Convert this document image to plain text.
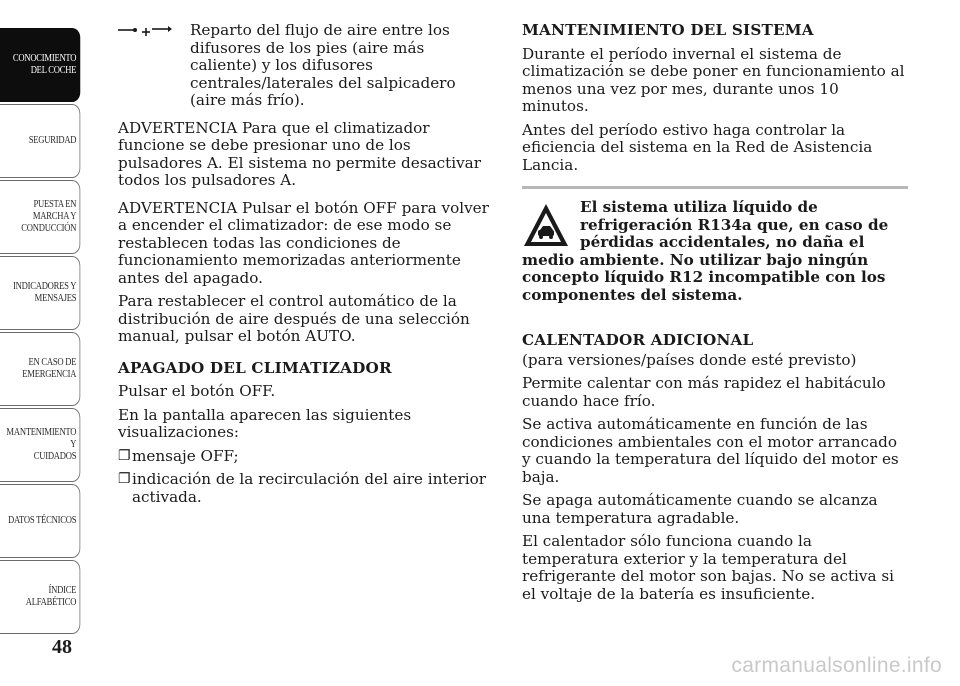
CONOCIMIENTO
DEL COCHE
SEGURIDAD
PUESTA EN
MARCHA Y
CONDUCCIÓN
INDICADORES Y
MENSAJES
EN CASO DE
EMERGENCIA
MANTENIMIENTO Y
CUIDADOS
DATOS TÉCNICOS
ÍNDICE
ALFABÉTICO
48
Reparto del flujo de aire entre los difusores de los pies (aire más caliente) y los difusores centrales/laterales del salpicadero (aire más frío).

ADVERTENCIA Para que el climatizador funcione se debe presionar uno de los pulsadores A. El sistema no permite desactivar todos los pulsadores A.

ADVERTENCIA Pulsar el botón OFF para volver a encender el climatizador: de ese modo se restablecen todas las condiciones de funcionamiento memorizadas anteriormente antes del apagado.

Para restablecer el control automático de la distribución de aire después de una selección manual, pulsar el botón AUTO.

APAGADO DEL CLIMATIZADOR

Pulsar el botón OFF.

En la pantalla aparecen las siguientes visualizaciones:

❐ mensaje OFF;
❐ indicación de la recirculación del aire interior activada.
MANTENIMIENTO DEL SISTEMA

Durante el período invernal el sistema de climatización se debe poner en funcionamiento al menos una vez por mes, durante unos 10 minutos.

Antes del período estivo haga controlar la eficiencia del sistema en la Red de Asistencia Lancia.

El sistema utiliza líquido de refrigeración R134a que, en caso de pérdidas accidentales, no daña el medio ambiente. No utilizar bajo ningún concepto líquido R12 incompatible con los componentes del sistema.
CALENTADOR ADICIONAL

(para versiones/países donde esté previsto)

Permite calentar con más rapidez el habitáculo cuando hace frío.

Se activa automáticamente en función de las condiciones ambientales con el motor arrancado y cuando la temperatura del líquido del motor es baja.

Se apaga automáticamente cuando se alcanza una temperatura agradable.

El calentador sólo funciona cuando la temperatura exterior y la temperatura del refrigerante del motor son bajas. No se activa si el voltaje de la batería es insuficiente.

carmanualsonline.info
